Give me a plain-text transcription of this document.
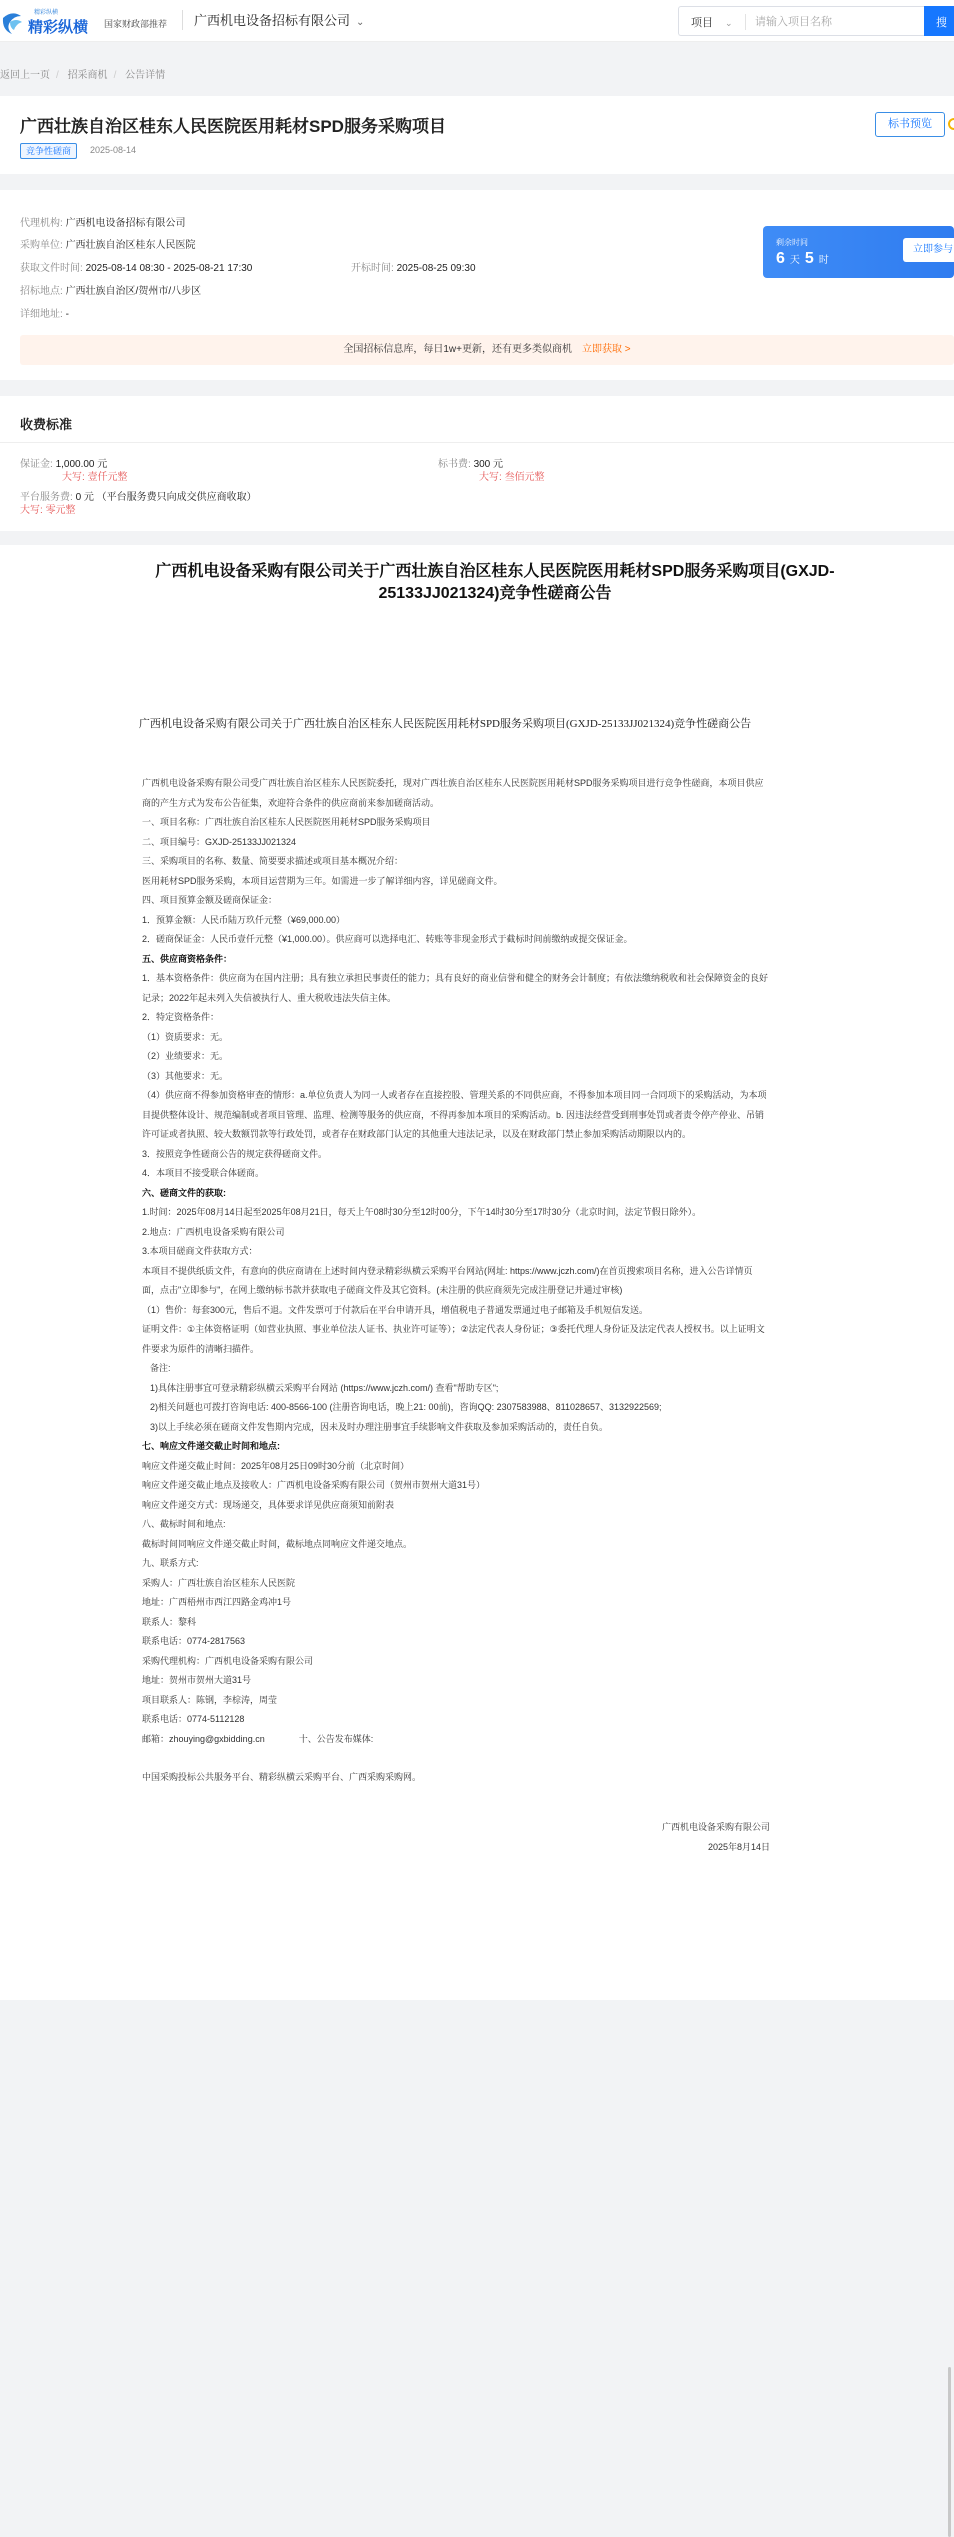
精彩纵横
精彩纵横 国家财政部推荐 广西机电设备招标有限公司 ⌄	项目 ⌄
请输入项目名称	搜
返回上一页 / 招采商机 / 公告详情
广西壮族自治区桂东人民医院医用耗材SPD服务采购项目
竞争性磋商	2025-08-14
标书预览
代理机构: 广西机电设备招标有限公司
采购单位: 广西壮族自治区桂东人民医院
获取文件时间: 2025-08-14 08:30 - 2025-08-21 17:30	开标时间: 2025-08-25 09:30
招标地点: 广西壮族自治区/贺州市/八步区
详细地址: -
剩余时间
6 天 5 时
立即参与
全国招标信息库，每日1w+更新，还有更多类似商机 立即获取 >
收费标准
保证金: 1,000.00 元
大写: 壹仟元整
标书费: 300 元
大写: 叁佰元整
平台服务费: 0 元 （平台服务费只向成交供应商收取）
大写: 零元整
广西机电设备采购有限公司关于广西壮族自治区桂东人民医院医用耗材SPD服务采购项目(GXJD-25133JJ021324)竞争性磋商公告
广西机电设备采购有限公司关于广西壮族自治区桂东人民医院医用耗材SPD服务采购项目(GXJD-25133JJ021324)竞争性磋商公告

广西机电设备采购有限公司受广西壮族自治区桂东人民医院委托，现对广西壮族自治区桂东人民医院医用耗材SPD服务采购项目进行竞争性磋商，本项目供应商的产生方式为发布公告征集，欢迎符合条件的供应商前来参加磋商活动。

一、项目名称：广西壮族自治区桂东人民医院医用耗材SPD服务采购项目

二、项目编号：GXJD-25133JJ021324

三、采购项目的名称、数量、简要要求描述或项目基本概况介绍：

医用耗材SPD服务采购，本项目运营期为三年。如需进一步了解详细内容，详见磋商文件。

四、项目预算金额及磋商保证金：

1．预算金额：人民币陆万玖仟元整（¥69,000.00）

2．磋商保证金：人民币壹仟元整（¥1,000.00）。供应商可以选择电汇、转账等非现金形式于截标时间前缴纳或提交保证金。

五、供应商资格条件：

1．基本资格条件：供应商为在国内注册；具有独立承担民事责任的能力；具有良好的商业信誉和健全的财务会计制度；有依法缴纳税收和社会保障资金的良好记录；2022年起未列入失信被执行人、重大税收违法失信主体。

2．特定资格条件：

（1）资质要求：无。

（2）业绩要求：无。

（3）其他要求：无。

（4）供应商不得参加资格审查的情形：a.单位负责人为同一人或者存在直接控股、管理关系的不同供应商，不得参加本项目同一合同项下的采购活动，为本项目提供整体设计、规范编制或者项目管理、监理、检测等服务的供应商，不得再参加本项目的采购活动。b. 因违法经营受到刑事处罚或者责令停产停业、吊销许可证或者执照、较大数额罚款等行政处罚，或者存在财政部门认定的其他重大违法记录，以及在财政部门禁止参加采购活动期限以内的。

3．按照竞争性磋商公告的规定获得磋商文件。

4．本项目不接受联合体磋商。

六、磋商文件的获取:

1.时间：2025年08月14日起至2025年08月21日，每天上午08时30分至12时00分，下午14时30分至17时30分（北京时间，法定节假日除外）。

2.地点：广西机电设备采购有限公司

3.本项目磋商文件获取方式：

本项目不提供纸质文件，有意向的供应商请在上述时间内登录精彩纵横云采购平台网站(网址: https://www.jczh.com/)在首页搜索项目名称，进入公告详情页面，点击"立即参与"，在网上缴纳标书款并获取电子磋商文件及其它资料。(未注册的供应商须先完成注册登记并通过审核)

（1）售价：每套300元，售后不退。文件发票可于付款后在平台申请开具，增值税电子普通发票通过电子邮箱及手机短信发送。

证明文件：①主体资格证明（如营业执照、事业单位法人证书、执业许可证等）；②法定代表人身份证；③委托代理人身份证及法定代表人授权书。以上证明文件要求为原件的清晰扫描件。

备注:

1)具体注册事宜可登录精彩纵横云采购平台网站 (https://www.jczh.com/) 查看"帮助专区";

2)相关问题也可拨打咨询电话: 400-8566-100 (注册咨询电话，晚上21: 00前)，咨询QQ: 2307583988、811028657、3132922569;

3)以上手续必须在磋商文件发售期内完成，因未及时办理注册事宜手续影响文件获取及参加采购活动的，责任自负。

七、响应文件递交截止时间和地点:

响应文件递交截止时间：2025年08月25日09时30分前（北京时间）

响应文件递交截止地点及接收人：广西机电设备采购有限公司（贺州市贺州大道31号）

响应文件递交方式：现场递交，具体要求详见供应商须知前附表

八、截标时间和地点:

截标时间同响应文件递交截止时间，截标地点同响应文件递交地点。

九、联系方式:

采购人：广西壮族自治区桂东人民医院

地址：广西梧州市西江四路金鸡冲1号

联系人：黎科

联系电话：0774-2817563

采购代理机构：广西机电设备采购有限公司

地址：贺州市贺州大道31号

项目联系人：陈钢，李棕涛，周莹

联系电话：0774-5112128

邮箱：zhouying@gxbidding.cn	十、公告发布媒体:

中国采购投标公共服务平台、精彩纵横云采购平台、广西采购采购网。

广西机电设备采购有限公司
2025年8月14日
